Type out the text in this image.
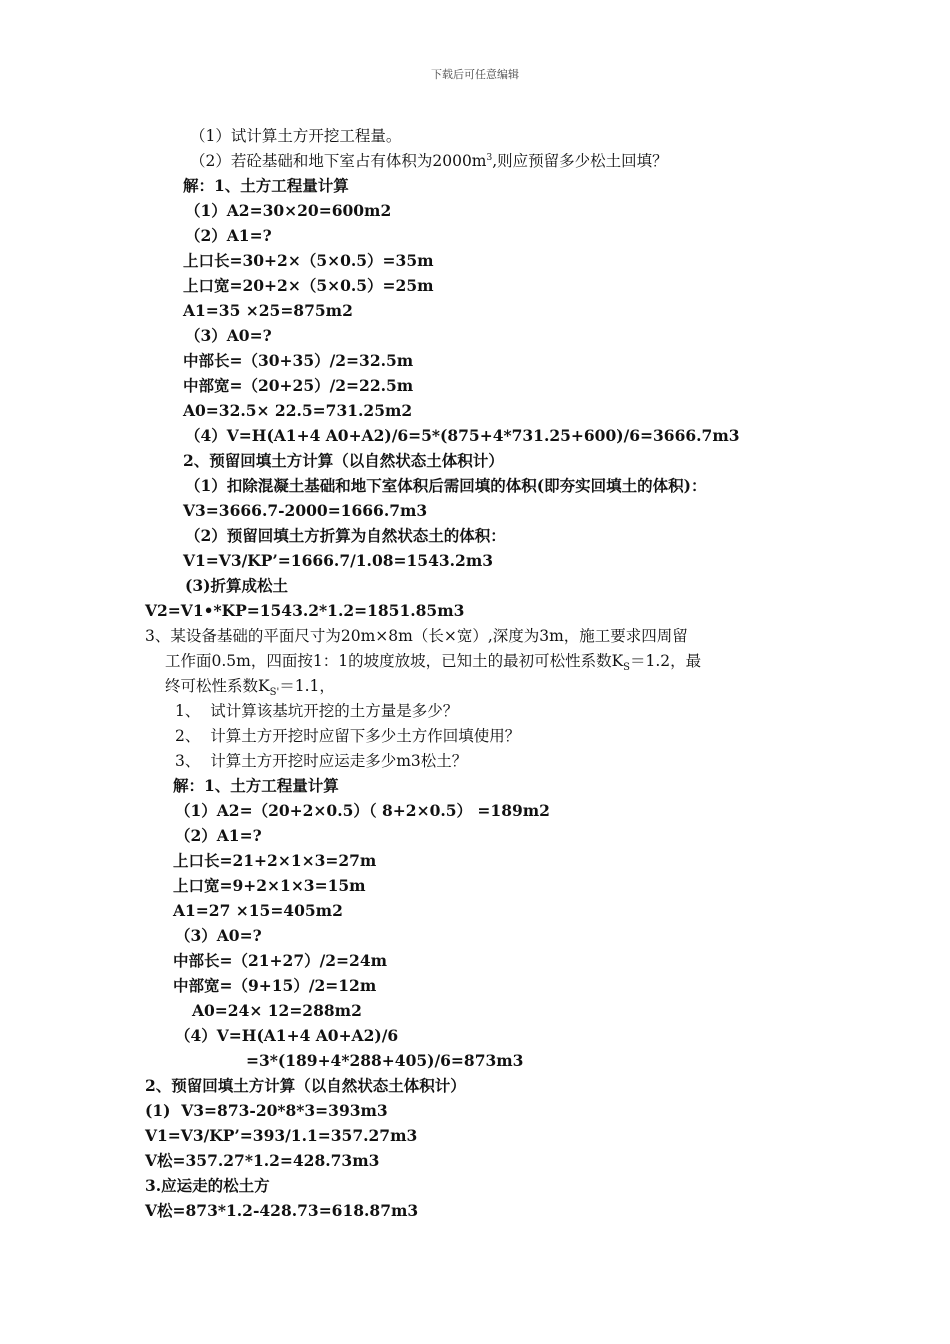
下载后可任意编辑
（1）试计算土方开挖工程量。
（2）若砼基础和地下室占有体积为$2000m^3$,则应预留多少松土回填？
解：1、土方工程量计算
（1）A2=30×20=600m2
（2）A1=?
上口长=30+2×（5×0.5）=35m
上口宽=20+2×（5×0.5）=25m
A1=35 ×25=875m2
（3）A0=?
中部长=（30+35）/2=32.5m
中部宽=（20+25）/2=22.5m
A0=32.5× 22.5=731.25m2
（4）V=H(A1+4 A0+A2)/6=5*(875+4*731.25+600)/6=3666.7m3
2、预留回填土方计算（以自然状态土体积计）
（1）扣除混凝土基础和地下室体积后需回填的体积(即夯实回填土的体积)：
V3=3666.7-2000=1666.7m3
（2）预留回填土方折算为自然状态土的体积：
V1=V3/KP’=1666.7/1.08=1543.2m3
(3)折算成松土
V2=V1•*KP=1543.2*1.2=1851.85m3
3、某设备基础的平面尺寸为20m×8m（长×宽）,深度为3m，施工要求四周留
工作面0.5m，四面按1：1的坡度放坡，已知土的最初可松性系数$K_S=1.2$，最
终可松性系数$K_{S'}=1.1$，
1、  试计算该基坑开挖的土方量是多少？
2、  计算土方开挖时应留下多少土方作回填使用？
3、  计算土方开挖时应运走多少m3松土？
解：1、土方工程量计算
（1）A2=（20+2×0.5）（ 8+2×0.5） =189m2
（2）A1=?
上口长=21+2×1×3=27m
上口宽=9+2×1×3=15m
A1=27 ×15=405m2
（3）A0=?
中部长=（21+27）/2=24m
中部宽=（9+15）/2=12m
A0=24× 12=288m2
（4）V=H(A1+4 A0+A2)/6
=3*(189+4*288+405)/6=873m3
2、预留回填土方计算（以自然状态土体积计）
(1)  V3=873-20*8*3=393m3
V1=V3/KP’=393/1.1=357.27m3
V松=357.27*1.2=428.73m3
3.应运走的松土方
V松=873*1.2-428.73=618.87m3
